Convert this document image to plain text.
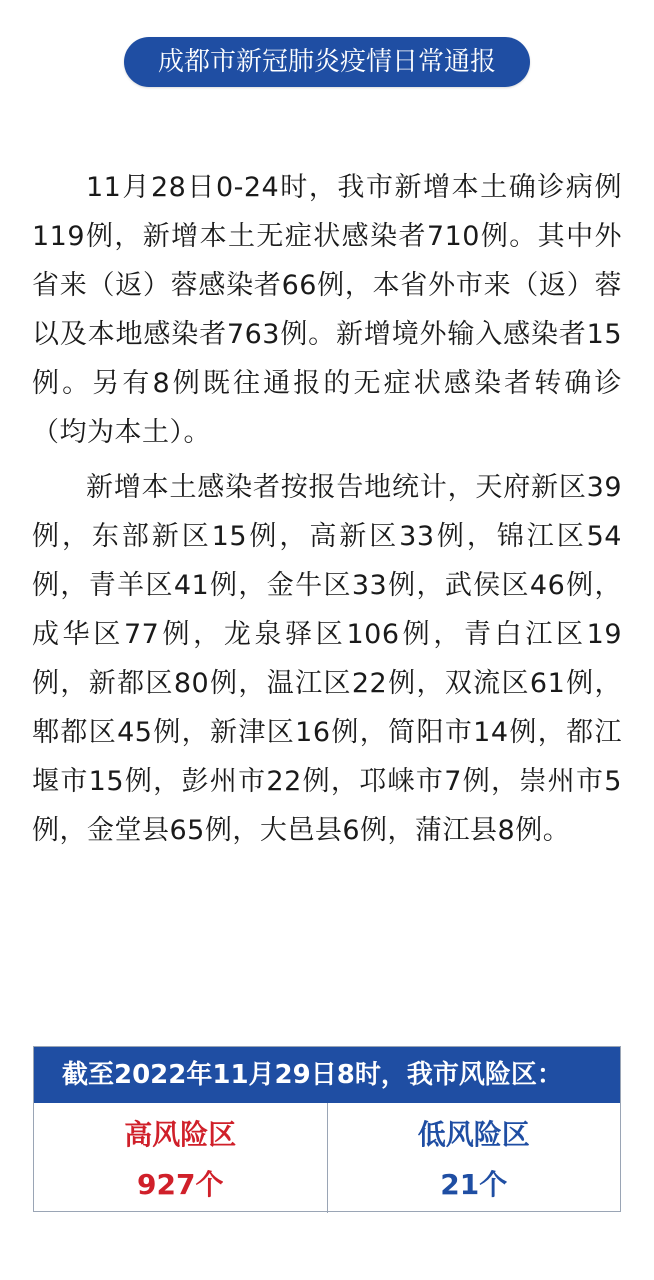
成都市新冠肺炎疫情日常通报

11月28日0-24时，我市新增本土确诊病例119例，新增本土无症状感染者710例。其中外省来（返）蓉感染者66例，本省外市来（返）蓉以及本地感染者763例。新增境外输入感染者15例。另有8例既往通报的无症状感染者转确诊（均为本土）。

新增本土感染者按报告地统计，天府新区39例，东部新区15例，高新区33例，锦江区54例，青羊区41例，金牛区33例，武侯区46例，成华区77例，龙泉驿区106例，青白江区19例，新都区80例，温江区22例，双流区61例，郫都区45例，新津区16例，简阳市14例，都江堰市15例，彭州市22例，邛崃市7例，崇州市5例，金堂县65例，大邑县6例，蒲江县8例。

截至2022年11月29日8时，我市风险区：
高风险区
927个
低风险区
21个
